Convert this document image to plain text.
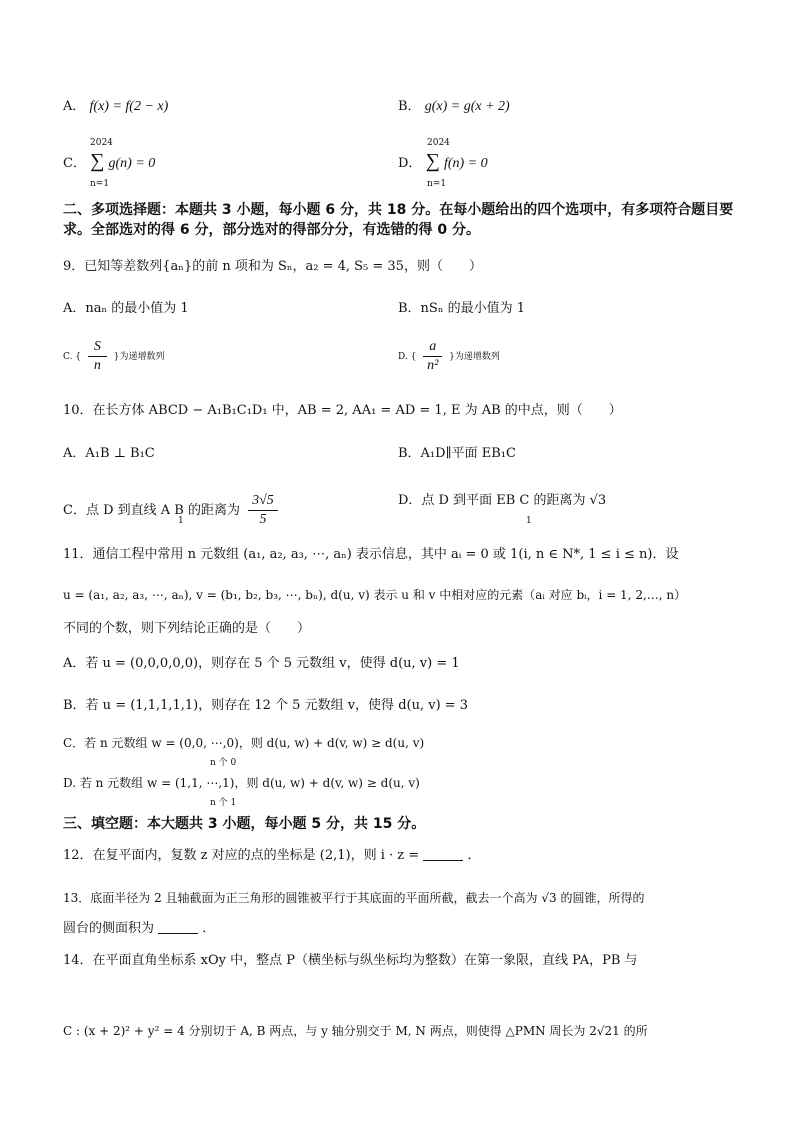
A． f(x) = f(2 − x)	B． g(x) = g(x + 2)
2024
C． ∑ g(n) = 0
n=1
2024
D． ∑ f(n) = 0
n=1
二、多项选择题：本题共 3 小题，每小题 6 分，共 18 分。在每小题给出的四个选项中，有多项符合题目要求。全部选对的得 6 分，部分选对的得部分分，有选错的得 0 分。
9．已知等差数列{aₙ}的前 n 项和为 Sₙ，a₂ = 4, S₅ = 35，则（　　）
A．naₙ 的最小值为 1	B．nSₙ 的最小值为 1
C. { $\frac{S}{n}$ }为递增数列	D. { $\frac{a}{\text{n²}}$ }为递增数列
10．在长方体 ABCD − A₁B₁C₁D₁ 中，AB = 2, AA₁ = AD = 1, E 为 AB 的中点，则（　　）
A．A₁B ⊥ B₁C	B．A₁D∥平面 EB₁C
C．点 D 到直线 A B 的距离为 $\frac{3√5}{5}$
1
D．点 D 到平面 EB C 的距离为 √3
1
11．通信工程中常用 n 元数组 (a₁, a₂, a₃, ⋯, aₙ) 表示信息，其中 aᵢ = 0 或 1(i, n ∈ N*, 1 ≤ i ≤ n)．设
u = (a₁, a₂, a₃, ⋯, aₙ), v = (b₁, b₂, b₃, ⋯, bₙ), d(u, v) 表示 u 和 v 中相对应的元素（aᵢ 对应 bᵢ，i = 1, 2,…, n）
不同的个数，则下列结论正确的是（　　）
A．若 u = (0,0,0,0,0)，则存在 5 个 5 元数组 v，使得 d(u, v) = 1
B．若 u = (1,1,1,1,1)，则存在 12 个 5 元数组 v，使得 d(u, v) = 3
C．若 n 元数组 w = (0,0, ⋯,0)，则 d(u, w) + d(v, w) ≥ d(u, v)
n 个 0
D. 若 n 元数组 w = (1,1, ⋯,1)，则 d(u, w) + d(v, w) ≥ d(u, v)
n 个 1
三、填空题：本大题共 3 小题，每小题 5 分，共 15 分。
12．在复平面内，复数 z 对应的点的坐标是 (2,1)，则 i · z =	．
13．底面半径为 2 且轴截面为正三角形的圆锥被平行于其底面的平面所截，截去一个高为 √3 的圆锥，所得的
圆台的侧面积为	．
14．在平面直角坐标系 xOy 中，整点 P（横坐标与纵坐标均为整数）在第一象限，直线 PA，PB 与
C : (x + 2)² + y² = 4 分别切于 A, B 两点，与 y 轴分别交于 M, N 两点，则使得 △PMN 周长为 2√21 的所
